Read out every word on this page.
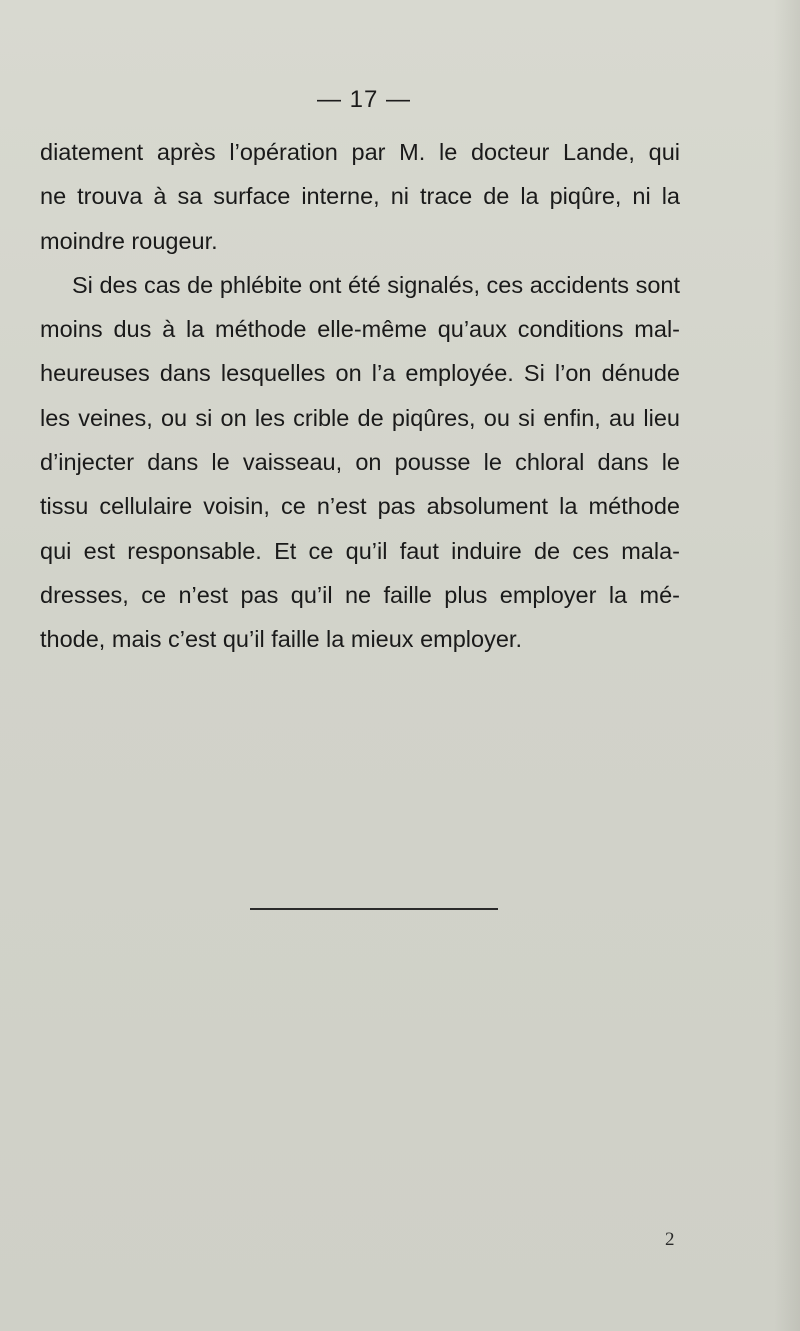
— 17 —
diatement après l’opération par M. le docteur Lande, qui
ne trouva à sa surface interne, ni trace de la piqûre, ni la
moindre rougeur.
Si des cas de phlébite ont été signalés, ces accidents sont
moins dus à la méthode elle-même qu’aux conditions mal-
heureuses dans lesquelles on l’a employée. Si l’on dénude
les veines, ou si on les crible de piqûres, ou si enfin, au lieu
d’injecter dans le vaisseau, on pousse le chloral dans le
tissu cellulaire voisin, ce n’est pas absolument la méthode
qui est responsable. Et ce qu’il faut induire de ces mala-
dresses, ce n’est pas qu’il ne faille plus employer la mé-
thode, mais c’est qu’il faille la mieux employer.
2
